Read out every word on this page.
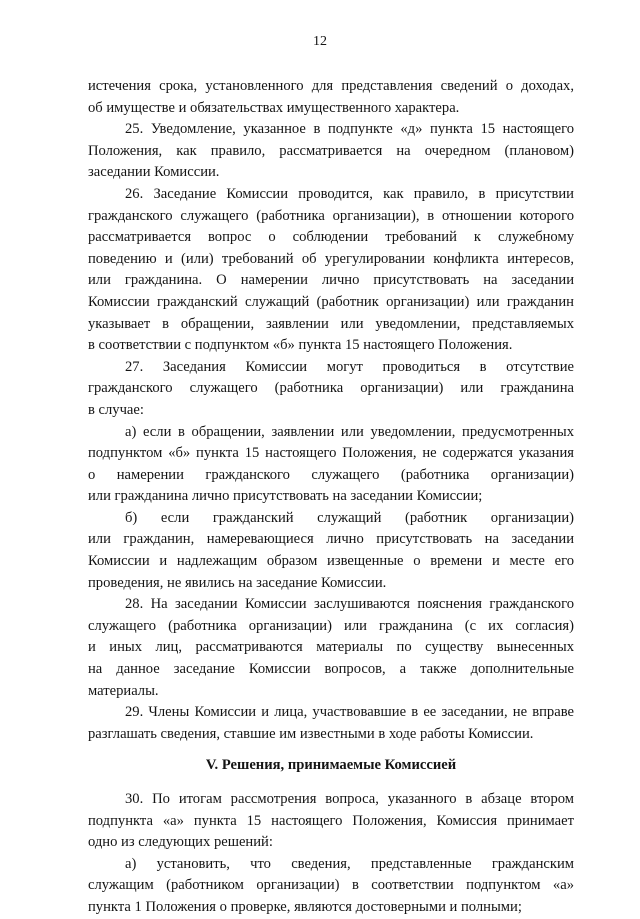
12
истечения срока, установленного для представления сведений о доходах,
об имуществе и обязательствах имущественного характера.
25. Уведомление, указанное в подпункте «д» пункта 15 настоящего
Положения, как правило, рассматривается на очередном (плановом)
заседании Комиссии.
26. Заседание Комиссии проводится, как правило, в присутствии
гражданского служащего (работника организации), в отношении которого
рассматривается вопрос о соблюдении требований к служебному
поведению и (или) требований об урегулировании конфликта интересов,
или гражданина. О намерении лично присутствовать на заседании
Комиссии гражданский служащий (работник организации) или гражданин
указывает в обращении, заявлении или уведомлении, представляемых
в соответствии с подпунктом «б» пункта 15 настоящего Положения.
27. Заседания Комиссии могут проводиться в отсутствие
гражданского служащего (работника организации) или гражданина
в случае:
а) если в обращении, заявлении или уведомлении, предусмотренных
подпунктом «б» пункта 15 настоящего Положения, не содержатся указания
о намерении гражданского служащего (работника организации)
или гражданина лично присутствовать на заседании Комиссии;
б) если гражданский служащий (работник организации)
или гражданин, намеревающиеся лично присутствовать на заседании
Комиссии и надлежащим образом извещенные о времени и месте его
проведения, не явились на заседание Комиссии.
28. На заседании Комиссии заслушиваются пояснения гражданского
служащего (работника организации) или гражданина (с их согласия)
и иных лиц, рассматриваются материалы по существу вынесенных
на данное заседание Комиссии вопросов, а также дополнительные
материалы.
29. Члены Комиссии и лица, участвовавшие в ее заседании, не вправе
разглашать сведения, ставшие им известными в ходе работы Комиссии.
V. Решения, принимаемые Комиссией
30. По итогам рассмотрения вопроса, указанного в абзаце втором
подпункта «а» пункта 15 настоящего Положения, Комиссия принимает
одно из следующих решений:
а) установить, что сведения, представленные гражданским
служащим (работником организации) в соответствии подпунктом «а»
пункта 1 Положения о проверке, являются достоверными и полными;
